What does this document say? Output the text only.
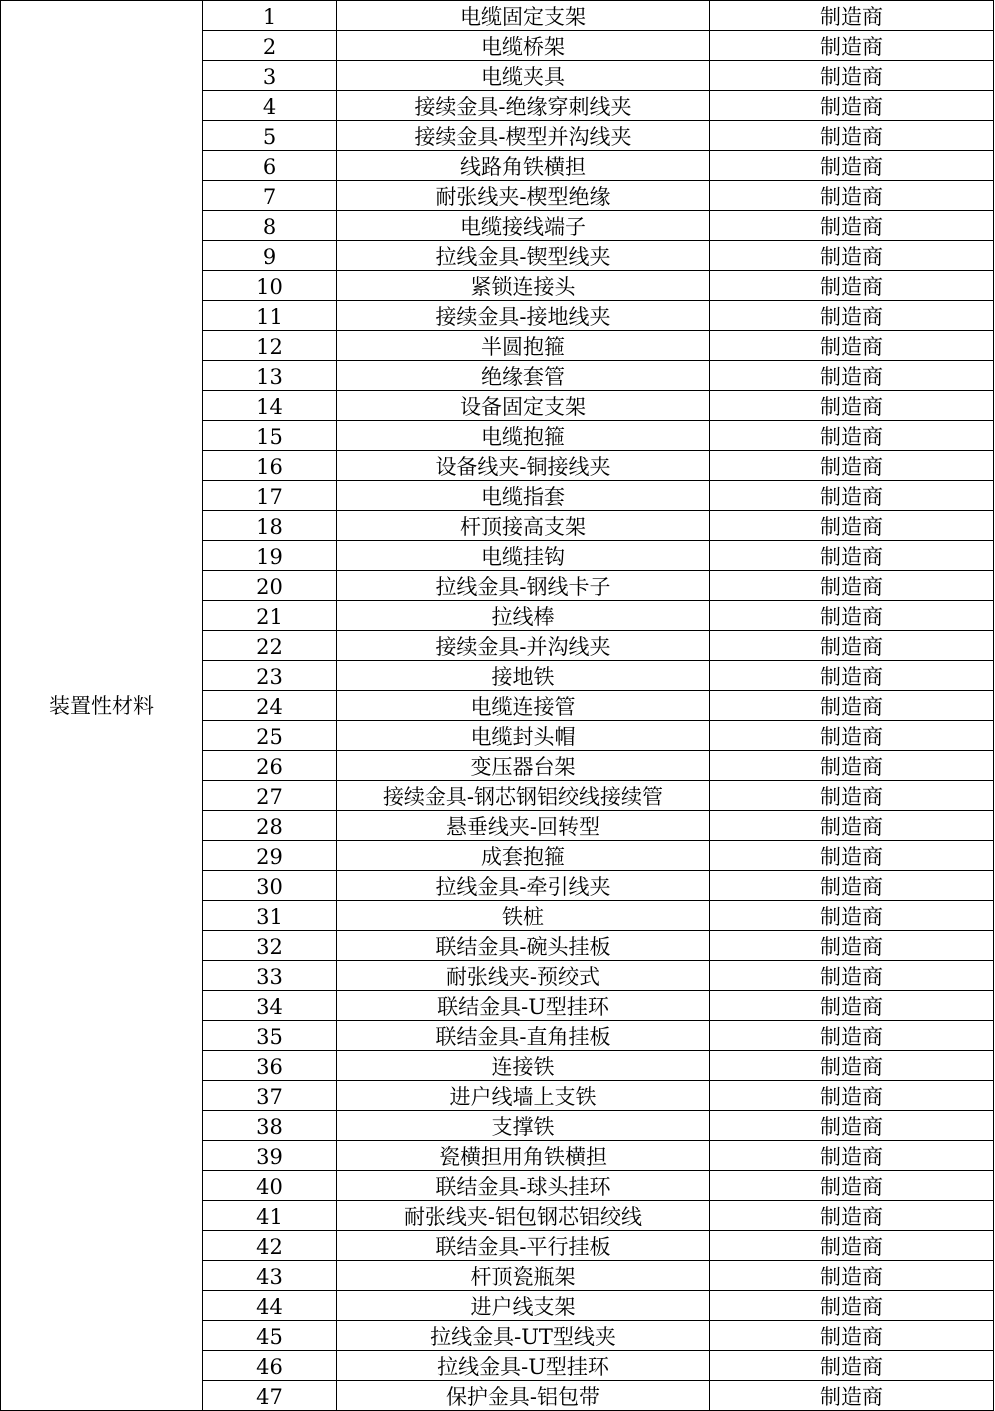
装置性材料	1	电缆固定支架	制造商
	2	电缆桥架	制造商
	3	电缆夹具	制造商
	4	接续金具-绝缘穿刺线夹	制造商
	5	接续金具-楔型并沟线夹	制造商
	6	线路角铁横担	制造商
	7	耐张线夹-楔型绝缘	制造商
	8	电缆接线端子	制造商
	9	拉线金具-锲型线夹	制造商
	10	紧锁连接头	制造商
	11	接续金具-接地线夹	制造商
	12	半圆抱箍	制造商
	13	绝缘套管	制造商
	14	设备固定支架	制造商
	15	电缆抱箍	制造商
	16	设备线夹-铜接线夹	制造商
	17	电缆指套	制造商
	18	杆顶接高支架	制造商
	19	电缆挂钩	制造商
	20	拉线金具-钢线卡子	制造商
	21	拉线棒	制造商
	22	接续金具-并沟线夹	制造商
	23	接地铁	制造商
	24	电缆连接管	制造商
	25	电缆封头帽	制造商
	26	变压器台架	制造商
	27	接续金具-钢芯钢铝绞线接续管	制造商
	28	悬垂线夹-回转型	制造商
	29	成套抱箍	制造商
	30	拉线金具-牵引线夹	制造商
	31	铁桩	制造商
	32	联结金具-碗头挂板	制造商
	33	耐张线夹-预绞式	制造商
	34	联结金具-U型挂环	制造商
	35	联结金具-直角挂板	制造商
	36	连接铁	制造商
	37	进户线墙上支铁	制造商
	38	支撑铁	制造商
	39	瓷横担用角铁横担	制造商
	40	联结金具-球头挂环	制造商
	41	耐张线夹-铝包钢芯铝绞线	制造商
	42	联结金具-平行挂板	制造商
	43	杆顶瓷瓶架	制造商
	44	进户线支架	制造商
	45	拉线金具-UT型线夹	制造商
	46	拉线金具-U型挂环	制造商
	47	保护金具-铝包带	制造商
